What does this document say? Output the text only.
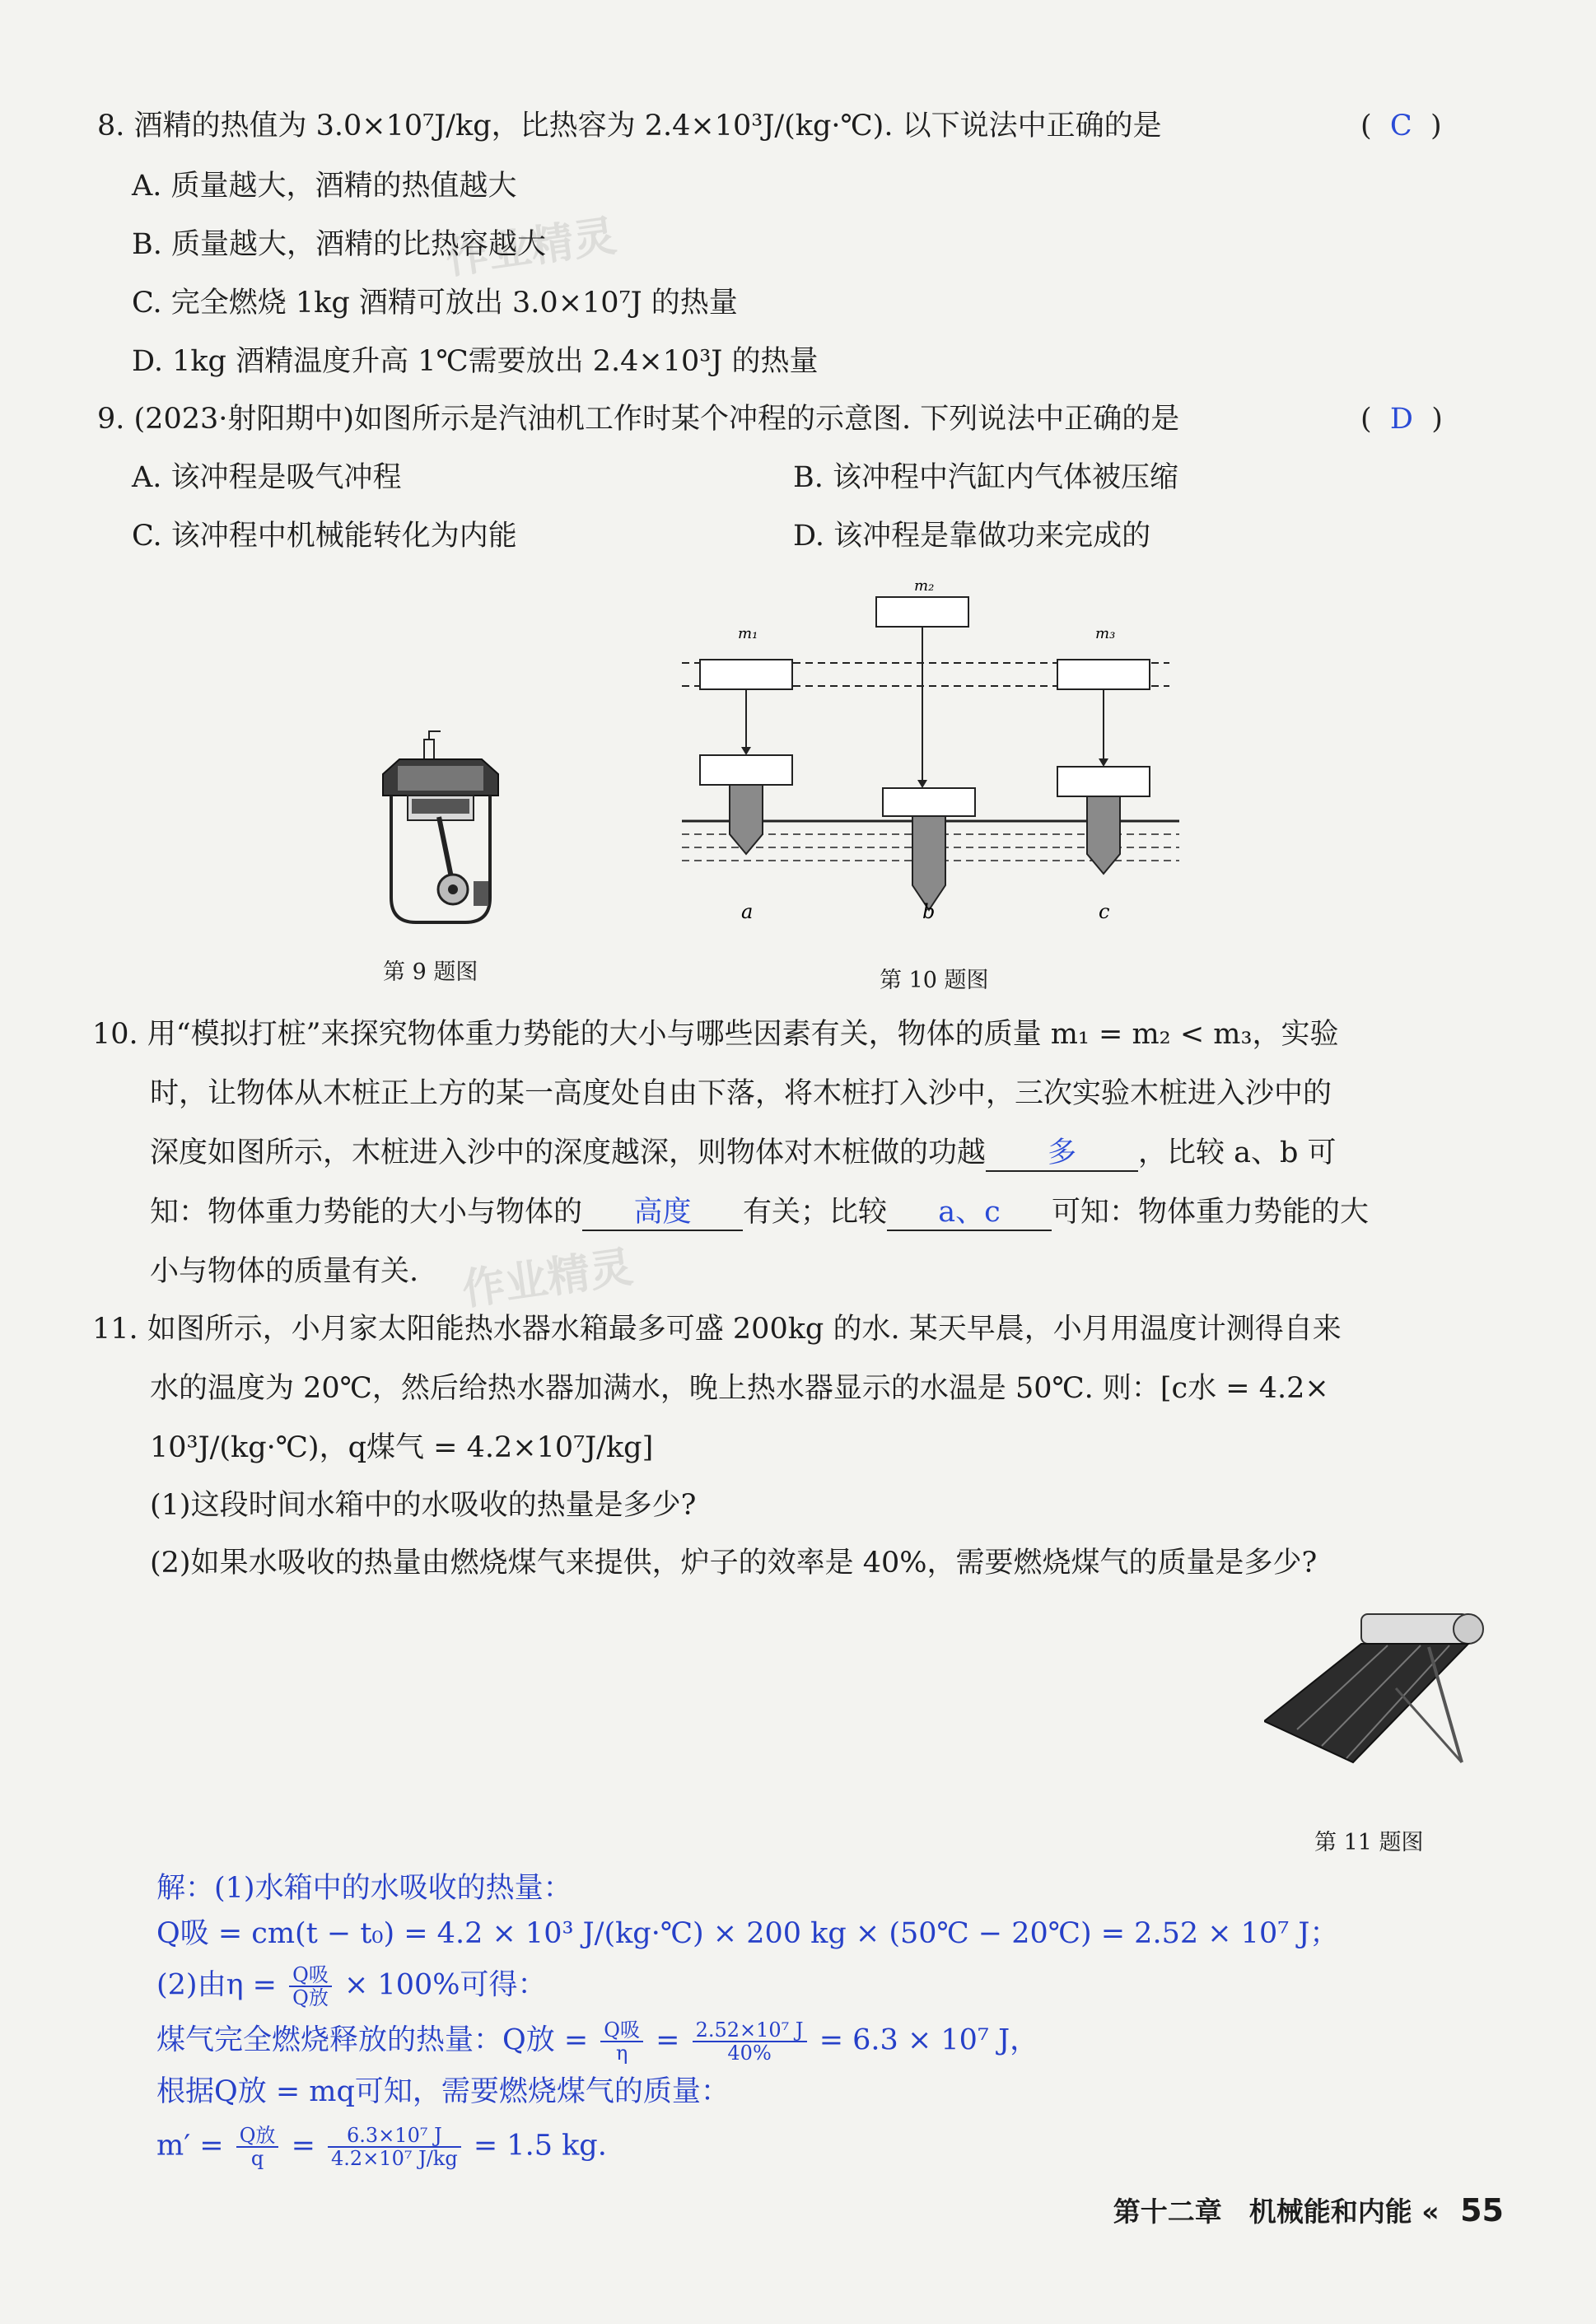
作业精灵
作业精灵
8. 酒精的热值为 3.0×10⁷J/kg，比热容为 2.4×10³J/(kg·℃). 以下说法中正确的是	( C )
A. 质量越大，酒精的热值越大
B. 质量越大，酒精的比热容越大
C. 完全燃烧 1kg 酒精可放出 3.0×10⁷J 的热量
D. 1kg 酒精温度升高 1℃需要放出 2.4×10³J 的热量
9. (2023·射阳期中)如图所示是汽油机工作时某个冲程的示意图. 下列说法中正确的是	( D )
A. 该冲程是吸气冲程	B. 该冲程中汽缸内气体被压缩
C. 该冲程中机械能转化为内能	D. 该冲程是靠做功来完成的
第 9 题图
m₁
a
m₂
b
m₃
c
第 10 题图
10. 用“模拟打桩”来探究物体重力势能的大小与哪些因素有关，物体的质量 m₁ = m₂ < m₃，实验
时，让物体从木桩正上方的某一高度处自由下落，将木桩打入沙中，三次实验木桩进入沙中的
深度如图所示，木桩进入沙中的深度越深，则物体对木桩做的功越 多 ，比较 a、b 可
知：物体重力势能的大小与物体的 高度 有关；比较 a、c 可知：物体重力势能的大
小与物体的质量有关.
11. 如图所示，小月家太阳能热水器水箱最多可盛 200kg 的水. 某天早晨，小月用温度计测得自来
水的温度为 20℃，然后给热水器加满水，晚上热水器显示的水温是 50℃. 则：[c水 = 4.2×
10³J/(kg·℃)，q煤气 = 4.2×10⁷J/kg]
(1)这段时间水箱中的水吸收的热量是多少?
(2)如果水吸收的热量由燃烧煤气来提供，炉子的效率是 40%，需要燃烧煤气的质量是多少?
第 11 题图
解：(1)水箱中的水吸收的热量：
Q吸 = cm(t − t₀) = 4.2 × 10³ J/(kg·℃) × 200 kg × (50℃ − 20℃) = 2.52 × 10⁷ J；
(2)由$\eta = \frac{\text{Q吸}}{\text{Q放}} \times 100\%$可得：
煤气完全燃烧释放的热量：Q放 = $\frac{\text{Q吸}}{\eta} = \frac{\text{2.52×10⁷ J}}{40\%} = 6.3 \times 10^7$ J，
根据Q放 = mq可知，需要燃烧煤气的质量：
$m' = \frac{\text{Q放}}{q} = \frac{\text{6.3×10⁷ J}}{\text{4.2×10⁷ J/kg}} = 1.5$ kg.
第十二章　机械能和内能 « 55
